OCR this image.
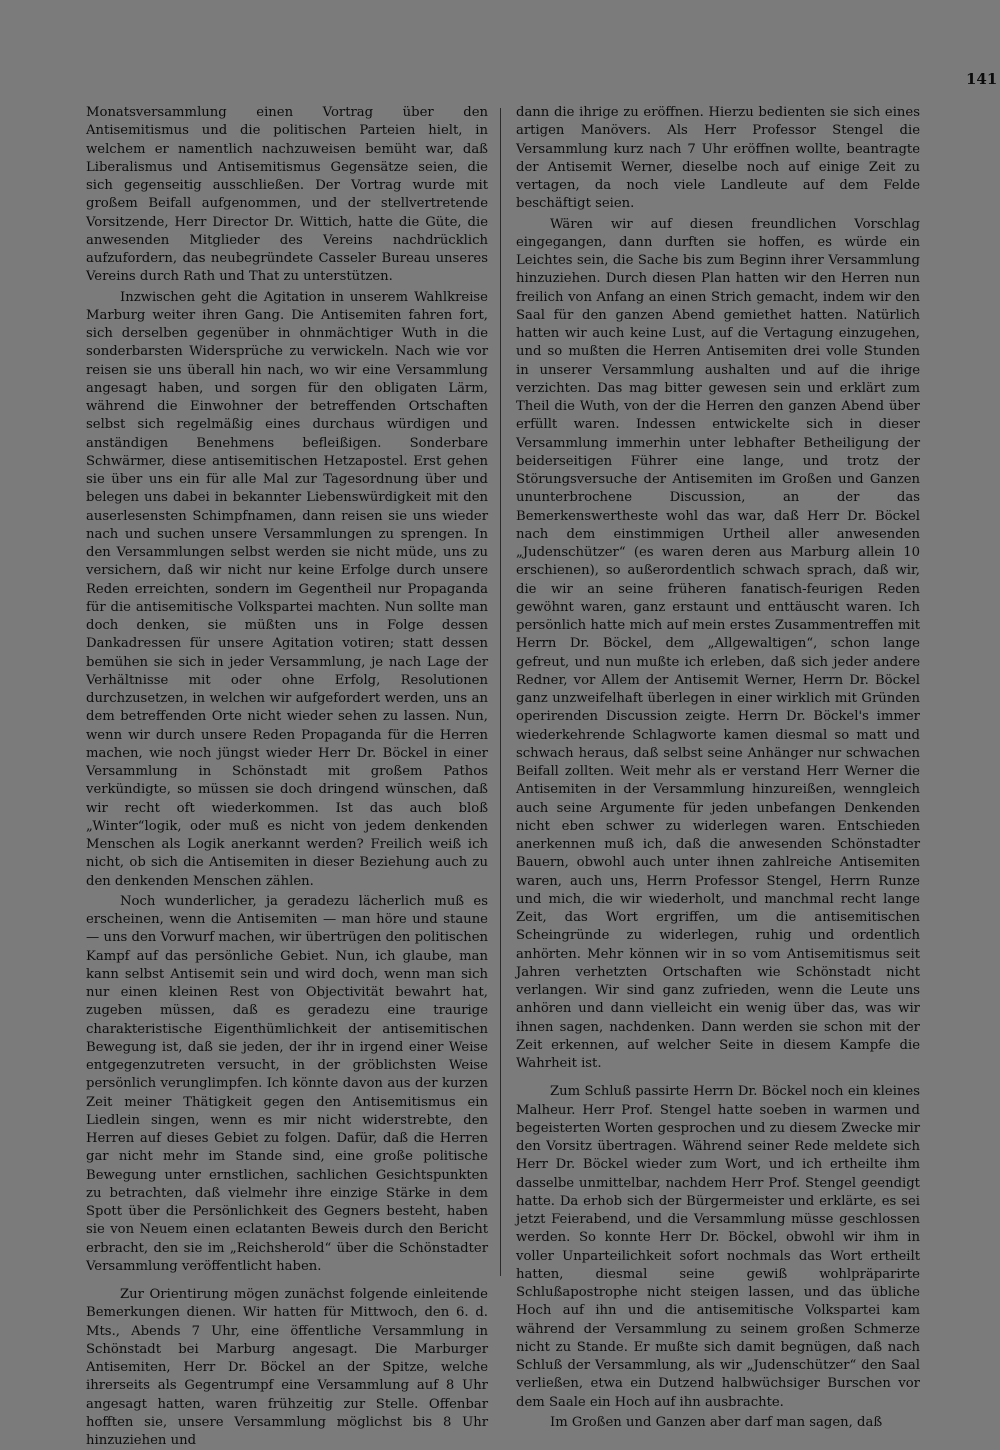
141

Monatsversammlung einen Vortrag über den Antisemitismus und die politischen Parteien hielt, in welchem er namentlich nachzuweisen bemüht war, daß Liberalismus und Antisemitismus Gegensätze seien, die sich gegenseitig ausschließen. Der Vortrag wurde mit großem Beifall aufgenommen, und der stellvertretende Vorsitzende, Herr Director Dr. Wittich, hatte die Güte, die anwesenden Mitglieder des Vereins nachdrücklich aufzufordern, das neubegründete Casseler Bureau unseres Vereins durch Rath und That zu unterstützen.

Inzwischen geht die Agitation in unserem Wahlkreise Marburg weiter ihren Gang. Die Antisemiten fahren fort, sich derselben gegenüber in ohnmächtiger Wuth in die sonderbarsten Widersprüche zu verwickeln. Nach wie vor reisen sie uns überall hin nach, wo wir eine Versammlung angesagt haben, und sorgen für den obligaten Lärm, während die Einwohner der betreffenden Ortschaften selbst sich regelmäßig eines durchaus würdigen und anständigen Benehmens befleißigen. Sonderbare Schwärmer, diese antisemitischen Hetzapostel. Erst gehen sie über uns ein für alle Mal zur Tagesordnung über und belegen uns dabei in bekannter Liebenswürdigkeit mit den auserlesensten Schimpfnamen, dann reisen sie uns wieder nach und suchen unsere Versammlungen zu sprengen. In den Versammlungen selbst werden sie nicht müde, uns zu versichern, daß wir nicht nur keine Erfolge durch unsere Reden erreichten, sondern im Gegentheil nur Propaganda für die antisemitische Volkspartei machten. Nun sollte man doch denken, sie müßten uns in Folge dessen Dankadressen für unsere Agitation votiren; statt dessen bemühen sie sich in jeder Versammlung, je nach Lage der Verhältnisse mit oder ohne Erfolg, Resolutionen durchzusetzen, in welchen wir aufgefordert werden, uns an dem betreffenden Orte nicht wieder sehen zu lassen. Nun, wenn wir durch unsere Reden Propaganda für die Herren machen, wie noch jüngst wieder Herr Dr. Böckel in einer Versammlung in Schönstadt mit großem Pathos verkündigte, so müssen sie doch dringend wünschen, daß wir recht oft wiederkommen. Ist das auch bloß „Winter“logik, oder muß es nicht von jedem denkenden Menschen als Logik anerkannt werden? Freilich weiß ich nicht, ob sich die Antisemiten in dieser Beziehung auch zu den denkenden Menschen zählen.

Noch wunderlicher, ja geradezu lächerlich muß es erscheinen, wenn die Antisemiten — man höre und staune — uns den Vorwurf machen, wir übertrügen den politischen Kampf auf das persönliche Gebiet. Nun, ich glaube, man kann selbst Antisemit sein und wird doch, wenn man sich nur einen kleinen Rest von Objectivität bewahrt hat, zugeben müssen, daß es geradezu eine traurige charakteristische Eigenthümlichkeit der antisemitischen Bewegung ist, daß sie jeden, der ihr in irgend einer Weise entgegenzutreten versucht, in der gröblichsten Weise persönlich verunglimpfen. Ich könnte davon aus der kurzen Zeit meiner Thätigkeit gegen den Antisemitismus ein Liedlein singen, wenn es mir nicht widerstrebte, den Herren auf dieses Gebiet zu folgen. Dafür, daß die Herren gar nicht mehr im Stande sind, eine große politische Bewegung unter ernstlichen, sachlichen Gesichtspunkten zu betrachten, daß vielmehr ihre einzige Stärke in dem Spott über die Persönlichkeit des Gegners besteht, haben sie von Neuem einen eclatanten Beweis durch den Bericht erbracht, den sie im „Reichsherold“ über die Schönstadter Versammlung veröffentlicht haben.

Zur Orientirung mögen zunächst folgende einleitende Bemerkungen dienen. Wir hatten für Mittwoch, den 6. d. Mts., Abends 7 Uhr, eine öffentliche Versammlung in Schönstadt bei Marburg angesagt. Die Marburger Antisemiten, Herr Dr. Böckel an der Spitze, welche ihrerseits als Gegentrumpf eine Versammlung auf 8 Uhr angesagt hatten, waren frühzeitig zur Stelle. Offenbar hofften sie, unsere Versammlung möglichst bis 8 Uhr hinzuziehen und

dann die ihrige zu eröffnen. Hierzu bedienten sie sich eines artigen Manövers. Als Herr Professor Stengel die Versammlung kurz nach 7 Uhr eröffnen wollte, beantragte der Antisemit Werner, dieselbe noch auf einige Zeit zu vertagen, da noch viele Landleute auf dem Felde beschäftigt seien.

Wären wir auf diesen freundlichen Vorschlag eingegangen, dann durften sie hoffen, es würde ein Leichtes sein, die Sache bis zum Beginn ihrer Versammlung hinzuziehen. Durch diesen Plan hatten wir den Herren nun freilich von Anfang an einen Strich gemacht, indem wir den Saal für den ganzen Abend gemiethet hatten. Natürlich hatten wir auch keine Lust, auf die Vertagung einzugehen, und so mußten die Herren Antisemiten drei volle Stunden in unserer Versammlung aushalten und auf die ihrige verzichten. Das mag bitter gewesen sein und erklärt zum Theil die Wuth, von der die Herren den ganzen Abend über erfüllt waren. Indessen entwickelte sich in dieser Versammlung immerhin unter lebhafter Betheiligung der beiderseitigen Führer eine lange, und trotz der Störungsversuche der Antisemiten im Großen und Ganzen ununterbrochene Discussion, an der das Bemerkenswertheste wohl das war, daß Herr Dr. Böckel nach dem einstimmigen Urtheil aller anwesenden „Judenschützer“ (es waren deren aus Marburg allein 10 erschienen), so außerordentlich schwach sprach, daß wir, die wir an seine früheren fanatisch-feurigen Reden gewöhnt waren, ganz erstaunt und enttäuscht waren. Ich persönlich hatte mich auf mein erstes Zusammentreffen mit Herrn Dr. Böckel, dem „Allgewaltigen“, schon lange gefreut, und nun mußte ich erleben, daß sich jeder andere Redner, vor Allem der Antisemit Werner, Herrn Dr. Böckel ganz unzweifelhaft überlegen in einer wirklich mit Gründen operirenden Discussion zeigte. Herrn Dr. Böckel's immer wiederkehrende Schlagworte kamen diesmal so matt und schwach heraus, daß selbst seine Anhänger nur schwachen Beifall zollten. Weit mehr als er verstand Herr Werner die Antisemiten in der Versammlung hinzureißen, wenngleich auch seine Argumente für jeden unbefangen Denkenden nicht eben schwer zu widerlegen waren. Entschieden anerkennen muß ich, daß die anwesenden Schönstadter Bauern, obwohl auch unter ihnen zahlreiche Antisemiten waren, auch uns, Herrn Professor Stengel, Herrn Runze und mich, die wir wiederholt, und manchmal recht lange Zeit, das Wort ergriffen, um die antisemitischen Scheingründe zu widerlegen, ruhig und ordentlich anhörten. Mehr können wir in so vom Antisemitismus seit Jahren verhetzten Ortschaften wie Schönstadt nicht verlangen. Wir sind ganz zufrieden, wenn die Leute uns anhören und dann vielleicht ein wenig über das, was wir ihnen sagen, nachdenken. Dann werden sie schon mit der Zeit erkennen, auf welcher Seite in diesem Kampfe die Wahrheit ist.

Zum Schluß passirte Herrn Dr. Böckel noch ein kleines Malheur. Herr Prof. Stengel hatte soeben in warmen und begeisterten Worten gesprochen und zu diesem Zwecke mir den Vorsitz übertragen. Während seiner Rede meldete sich Herr Dr. Böckel wieder zum Wort, und ich ertheilte ihm dasselbe unmittelbar, nachdem Herr Prof. Stengel geendigt hatte. Da erhob sich der Bürgermeister und erklärte, es sei jetzt Feierabend, und die Versammlung müsse geschlossen werden. So konnte Herr Dr. Böckel, obwohl wir ihm in voller Unparteilichkeit sofort nochmals das Wort ertheilt hatten, diesmal seine gewiß wohlpräparirte Schlußapostrophe nicht steigen lassen, und das übliche Hoch auf ihn und die antisemitische Volkspartei kam während der Versammlung zu seinem großen Schmerze nicht zu Stande. Er mußte sich damit begnügen, daß nach Schluß der Versammlung, als wir „Judenschützer“ den Saal verließen, etwa ein Dutzend halbwüchsiger Burschen vor dem Saale ein Hoch auf ihn ausbrachte.

Im Großen und Ganzen aber darf man sagen, daß
